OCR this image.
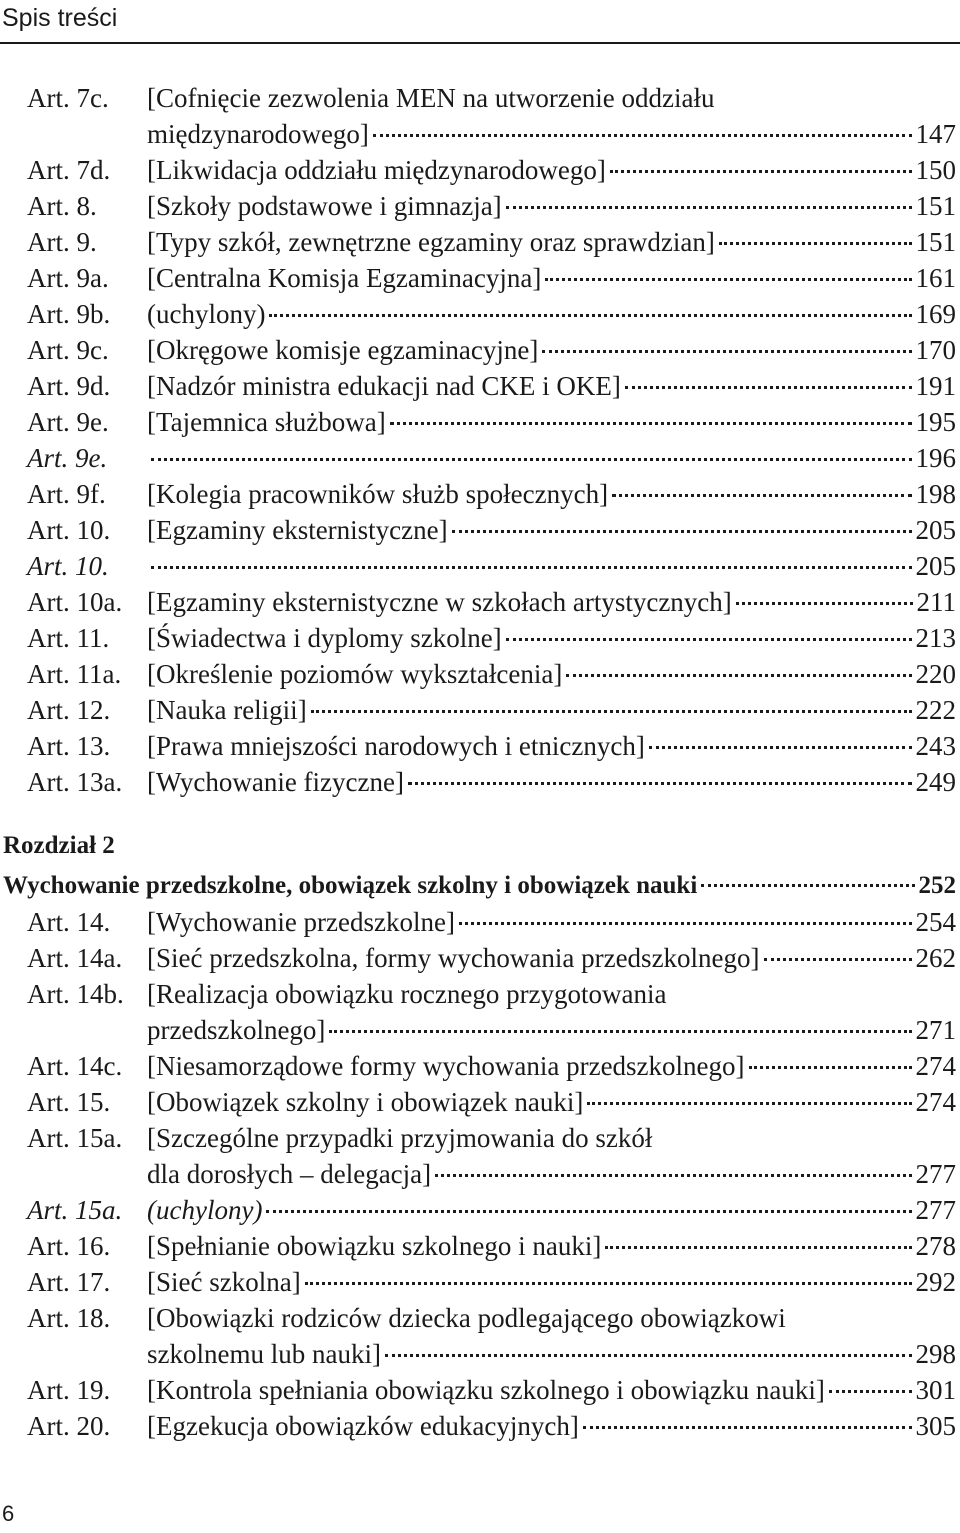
Spis treści
Art. 7c. [Cofnięcie zezwolenia MEN na utworzenie oddziału
międzynarodowego]	147
Art. 7d. [Likwidacja oddziału międzynarodowego]	150
Art. 8. [Szkoły podstawowe i gimnazja]	151
Art. 9. [Typy szkół, zewnętrzne egzaminy oraz sprawdzian]	151
Art. 9a. [Centralna Komisja Egzaminacyjna]	161
Art. 9b. (uchylony)	169
Art. 9c. [Okręgowe komisje egzaminacyjne]	170
Art. 9d. [Nadzór ministra edukacji nad CKE i OKE]	191
Art. 9e. [Tajemnica służbowa]	195
Art. 9e.	196
Art. 9f. [Kolegia pracowników służb społecznych]	198
Art. 10. [Egzaminy eksternistyczne]	205
Art. 10.	205
Art. 10a. [Egzaminy eksternistyczne w szkołach artystycznych]	211
Art. 11. [Świadectwa i dyplomy szkolne]	213
Art. 11a. [Określenie poziomów wykształcenia]	220
Art. 12. [Nauka religii]	222
Art. 13. [Prawa mniejszości narodowych i etnicznych]	243
Art. 13a. [Wychowanie fizyczne]	249
Rozdział 2
Wychowanie przedszkolne, obowiązek szkolny i obowiązek nauki	252
Art. 14. [Wychowanie przedszkolne]	254
Art. 14a. [Sieć przedszkolna, formy wychowania przedszkolnego]	262
Art. 14b. [Realizacja obowiązku rocznego przygotowania
przedszkolnego]	271
Art. 14c. [Niesamorządowe formy wychowania przedszkolnego]	274
Art. 15. [Obowiązek szkolny i obowiązek nauki]	274
Art. 15a. [Szczególne przypadki przyjmowania do szkół
dla dorosłych – delegacja]	277
Art. 15a. (uchylony)	277
Art. 16. [Spełnianie obowiązku szkolnego i nauki]	278
Art. 17. [Sieć szkolna]	292
Art. 18. [Obowiązki rodziców dziecka podlegającego obowiązkowi
szkolnemu lub nauki]	298
Art. 19. [Kontrola spełniania obowiązku szkolnego i obowiązku nauki]	301
Art. 20. [Egzekucja obowiązków edukacyjnych]	305
6
